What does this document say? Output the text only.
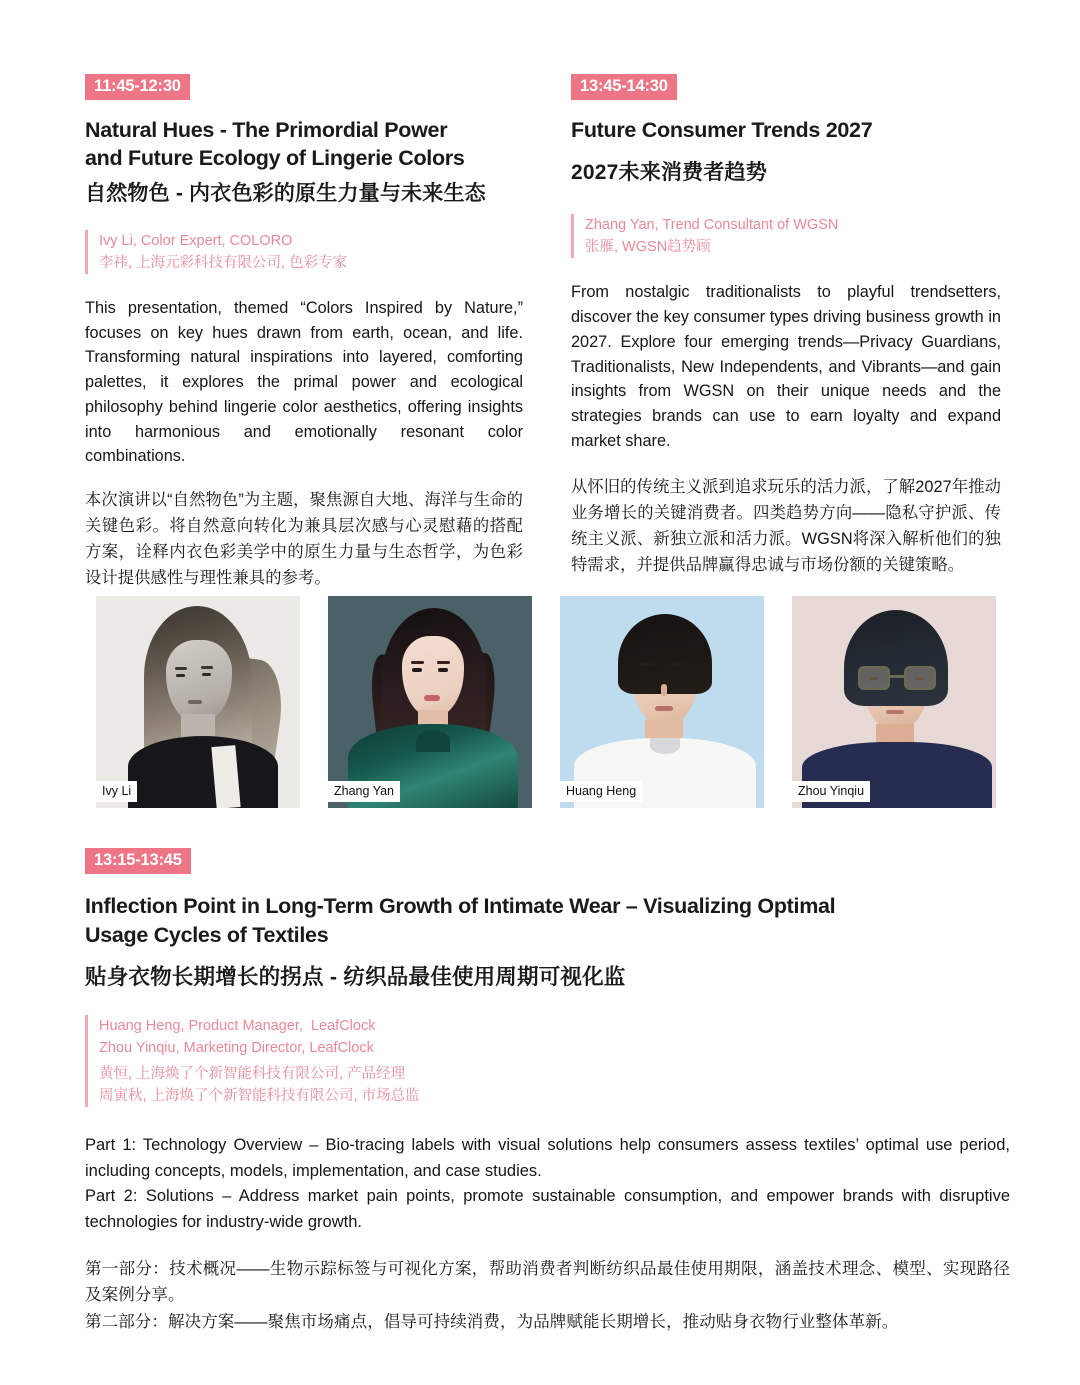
11:45-12:30
Natural Hues - The Primordial Power
and Future Ecology of Lingerie Colors
自然物色 - 内衣色彩的原生力量与未来生态
Ivy Li, Color Expert, COLORO
李祎, 上海元彩科技有限公司, 色彩专家

This presentation, themed “Colors Inspired by Nature,” focuses on key hues drawn from earth, ocean, and life. Transforming natural inspirations into layered, comforting palettes, it explores the primal power and ecological philosophy behind lingerie color aesthetics, offering insights into harmonious and emotionally resonant color combinations.

本次演讲以“自然物色”为主题，聚焦源自大地、海洋与生命的关键色彩。将自然意向转化为兼具层次感与心灵慰藉的搭配方案，诠释内衣色彩美学中的原生力量与生态哲学，为色彩设计提供感性与理性兼具的参考。

13:45-14:30
Future Consumer Trends 2027
2027未来消费者趋势
Zhang Yan, Trend Consultant of WGSN
张雁, WGSN趋势顾

From nostalgic traditionalists to playful trendsetters, discover the key consumer types driving business growth in 2027. Explore four emerging trends—Privacy Guardians, Traditionalists, New Independents, and Vibrants—and gain insights from WGSN on their unique needs and the strategies brands can use to earn loyalty and expand market share.

从怀旧的传统主义派到追求玩乐的活力派，了解2027年推动业务增长的关键消费者。四类趋势方向——隐私守护派、传统主义派、新独立派和活力派。WGSN将深入解析他们的独特需求，并提供品牌赢得忠诚与市场份额的关键策略。

Ivy Li	Zhang Yan	Huang Heng	Zhou Yinqiu
13:15-13:45
Inflection Point in Long-Term Growth of Intimate Wear – Visualizing Optimal
Usage Cycles of Textiles
贴身衣物长期增长的拐点 - 纺织品最佳使用周期可视化监
Huang Heng, Product Manager,  LeafClock
Zhou Yinqiu, Marketing Director, LeafClock
黄恒, 上海焕了个新智能科技有限公司, 产品经理
周寅秋, 上海焕了个新智能科技有限公司, 市场总监
Part 1: Technology Overview – Bio-tracing labels with visual solutions help consumers assess textiles’ optimal use period, including concepts, models, implementation, and case studies.
Part 2: Solutions – Address market pain points, promote sustainable consumption, and empower brands with disruptive technologies for industry-wide growth.
第一部分：技术概况——生物示踪标签与可视化方案，帮助消费者判断纺织品最佳使用期限，涵盖技术理念、模型、实现路径及案例分享。
第二部分：解决方案——聚焦市场痛点，倡导可持续消费，为品牌赋能长期增长，推动贴身衣物行业整体革新。
